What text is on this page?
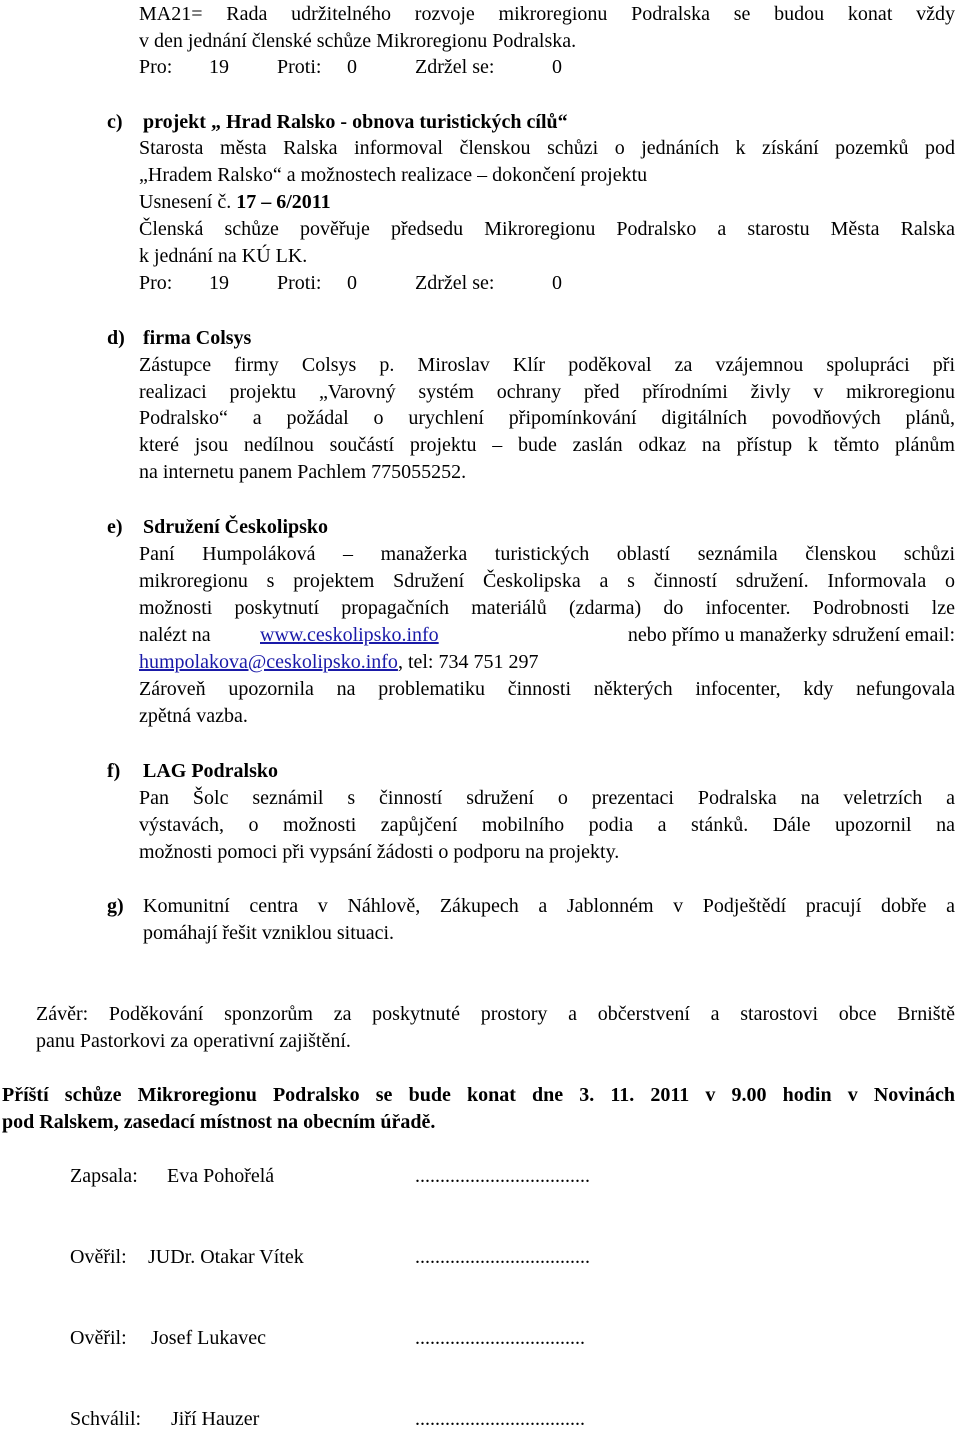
MA21= Rada udržitelného rozvoje mikroregionu Podralska se budou konat vždy
v den jednání členské schůze Mikroregionu Podralska.
Pro: 19 Proti: 0	Zdržel se:	0
c) projekt „ Hrad Ralsko - obnova turistických cílů“
Starosta města Ralska informoval členskou schůzi o jednáních k získání pozemků pod
„Hradem Ralsko“ a možnostech realizace – dokončení projektu
Usnesení č. 17 – 6/2011
Členská schůze pověřuje předsedu Mikroregionu Podralsko a starostu Města Ralska
k jednání na KÚ LK.
Pro: 19 Proti: 0	Zdržel se:	0
d) firma Colsys
Zástupce firmy Colsys p. Miroslav Klír poděkoval za vzájemnou spolupráci při
realizaci projektu „Varovný systém ochrany před přírodními živly v mikroregionu
Podralsko“ a požádal o urychlení připomínkování digitálních povodňových plánů,
které jsou nedílnou součástí projektu – bude zaslán odkaz na přístup k těmto plánům
na internetu panem Pachlem 775055252.
e) Sdružení Českolipsko
Paní Humpoláková – manažerka turistických oblastí seznámila členskou schůzi
mikroregionu s projektem Sdružení Českolipska a s činností sdružení. Informovala o
možnosti poskytnutí propagačních materiálů (zdarma) do infocenter. Podrobnosti lze
nalézt na www.ceskolipsko.info	nebo přímo u manažerky sdružení email:
humpolakova@ceskolipsko.info, tel: 734 751 297
Zároveň upozornila na problematiku činnosti některých infocenter, kdy nefungovala
zpětná vazba.
f) LAG Podralsko
Pan Šolc seznámil s činností sdružení o prezentaci Podralska na veletrzích a
výstavách, o možnosti zapůjčení mobilního podia a stánků. Dále upozornil na
možnosti pomoci při vypsání žádosti o podporu na projekty.
g) Komunitní centra v Náhlově, Zákupech a Jablonném v Podještědí pracují dobře a
pomáhají řešit vzniklou situaci.
Závěr: Poděkování sponzorům za poskytnuté prostory a občerstvení a starostovi obce Brniště
panu Pastorkovi za operativní zajištění.
Příští schůze Mikroregionu Podralsko se bude konat dne 3. 11. 2011 v 9.00 hodin v Novinách
pod Ralskem, zasedací místnost na obecním úřadě.
Zapsala: Eva Pohořelá	...................................
Ověřil: JUDr. Otakar Vítek	...................................
Ověřil: Josef Lukavec	..................................
Schválil: Jiří Hauzer	..................................
